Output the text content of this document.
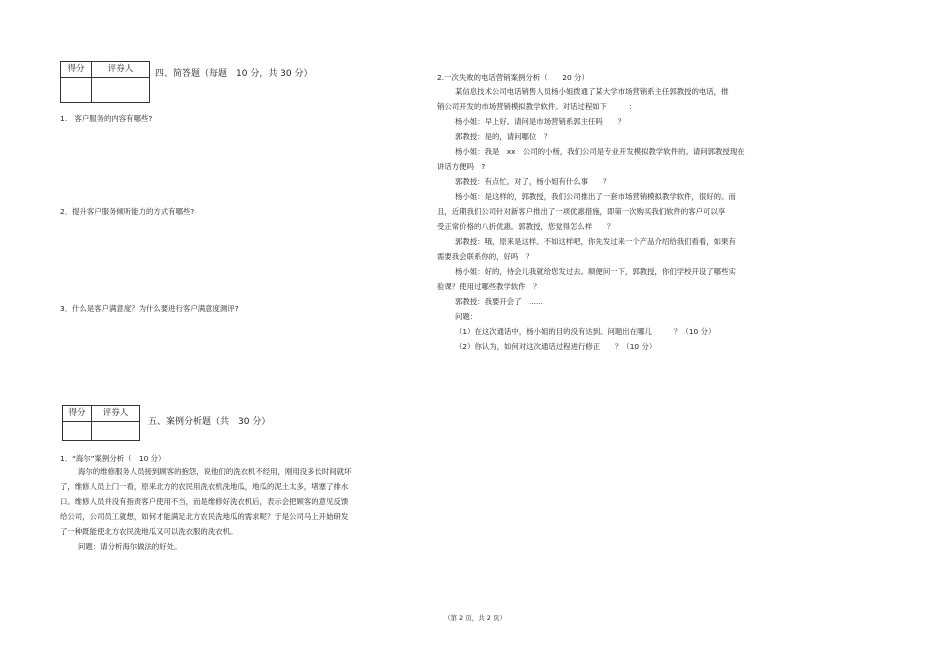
得分	评券人
	四、简答题（每题　10 分，共 30 分）
1.　客户服务的内容有哪些?
2．提升客户服务倾听能力的方式有哪些?
3．什么是客户满意度？为什么要进行客户满意度测评?
得分	评券人

五、案例分析题（共　30 分）
1．“海尔”案例分析（　10 分）
海尔的维修服务人员接到顾客的抱怨，说他们的洗衣机不经用，刚用没多长时间就坏
了，维修人员上门一看，原来北方的农民用洗衣机洗地瓜，地瓜的泥土太多，堵塞了排水
口。维修人员并没有指责客户使用不当，而是维修好洗衣机后，表示会把顾客的意见反馈
给公司，公司员工就想，如何才能满足北方农民洗地瓜的需求呢？于是公司马上开始研发
了一种既能使北方农民洗地瓜又可以洗衣服的洗衣机。
问题：请分析海尔做法的好处。
2.一次失败的电话营销案例分析（　　20 分）
某信息技术公司电话销售人员杨小姐拨通了某大学市场营销系主任郭教授的电话，推
销公司开发的市场营销模拟教学软件。对话过程如下　　　:
杨小姐：早上好。请问是市场营销系郭主任吗　　？
郭教授：是的，请问哪位　？
杨小姐：我是　xx　公司的小杨，我们公司是专业开发模拟教学软件的。请问郭教授现在
讲话方便吗　?
郭教授：有点忙。对了，杨小姐有什么事　　？
杨小姐：是这样的，郭教授，我们公司推出了一套市场营销模拟教学软件，很好的。而
且，近期我们公司针对新客户推出了一项优惠措施，即第一次购买我们软件的客户可以享
受正常价格的八折优惠。郭教授，您觉得怎么样　　？
郭教授：哦，原来是这样。不如这样吧，你先发过来一个产品介绍给我们看看，如果有
需要我会联系你的，好吗　？
杨小姐：好的，待会儿我就给您发过去。顺便问一下，郭教授，你们学校开设了哪些实
验课？使用过哪些教学软件　？
郭教授：我要开会了　......
问题：
（1）在这次通话中，杨小姐的目的没有达到。问题出在哪儿　　　？（10 分）
（2）你认为，如何对这次通话过程进行修正　　？（10 分）
（第 2 页，共 2 页）
